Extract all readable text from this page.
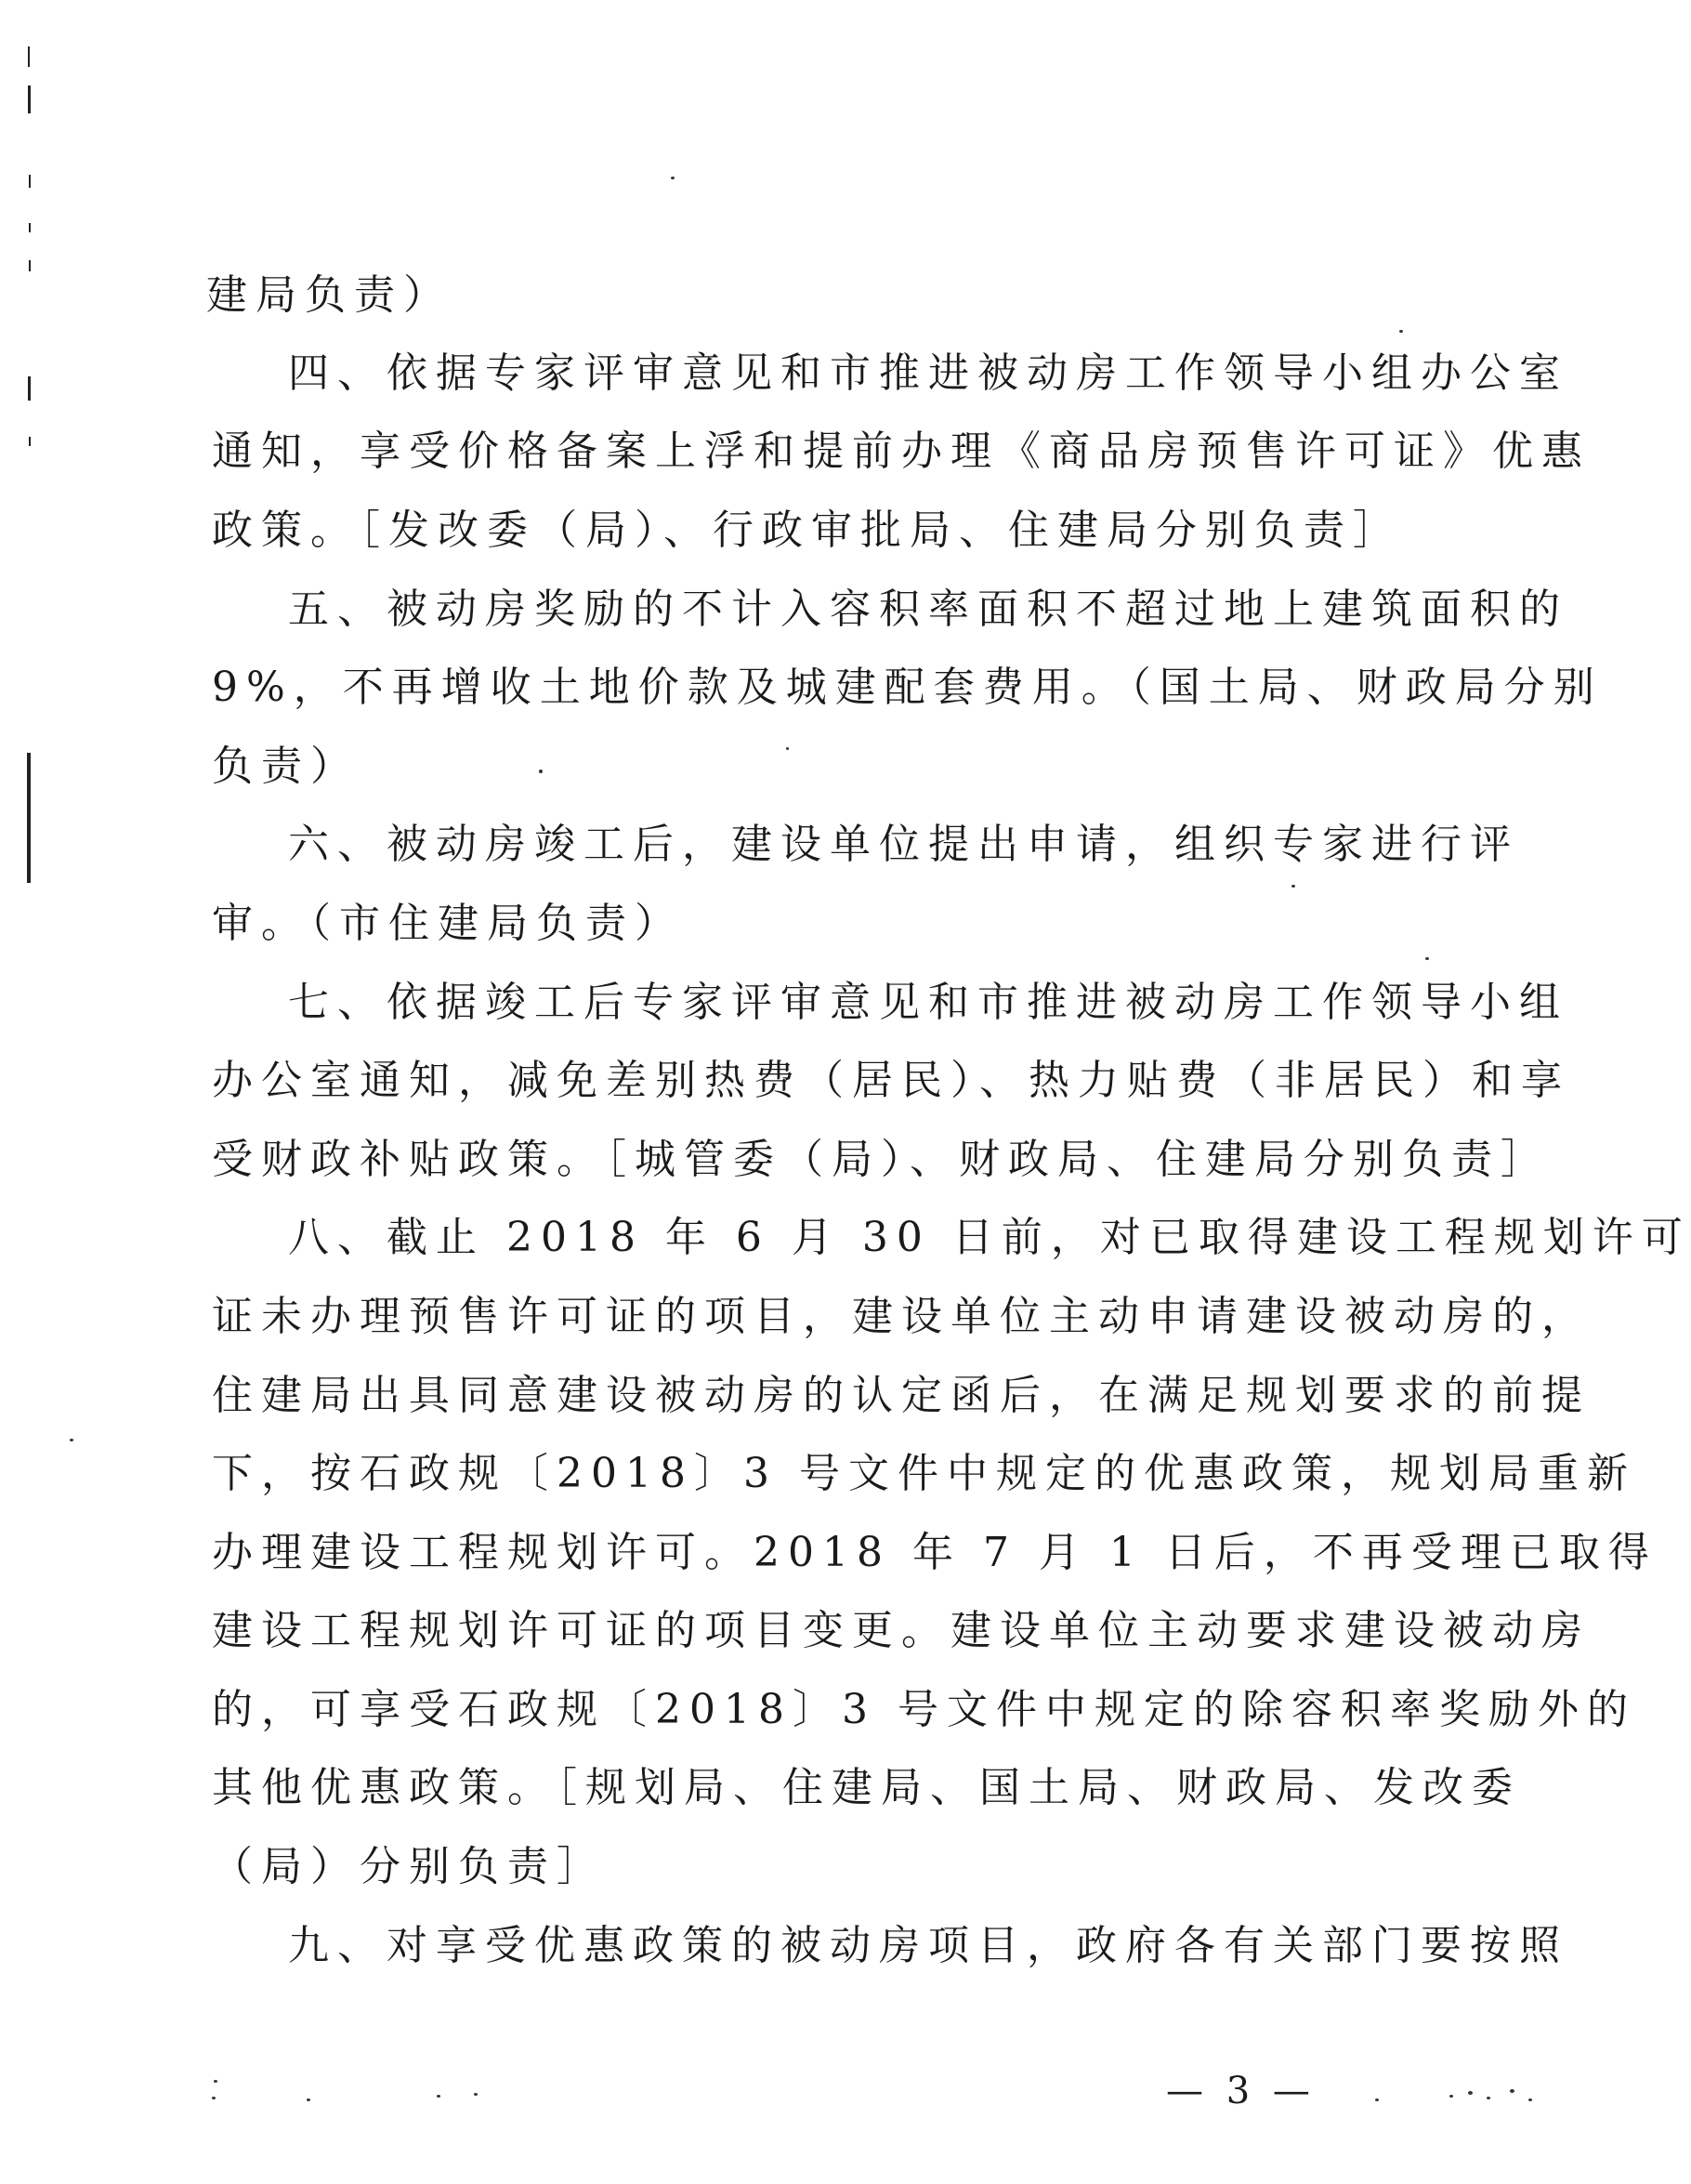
建局负责）
四、依据专家评审意见和市推进被动房工作领导小组办公室
通知，享受价格备案上浮和提前办理《商品房预售许可证》优惠
政策。［发改委（局）、行政审批局、住建局分别负责］
五、被动房奖励的不计入容积率面积不超过地上建筑面积的
9%，不再增收土地价款及城建配套费用。（国土局、财政局分别
负责）
六、被动房竣工后，建设单位提出申请，组织专家进行评
审。（市住建局负责）
七、依据竣工后专家评审意见和市推进被动房工作领导小组
办公室通知，减免差别热费（居民）、热力贴费（非居民）和享
受财政补贴政策。［城管委（局）、财政局、住建局分别负责］
八、截止 2018 年 6 月 30 日前，对已取得建设工程规划许可
证未办理预售许可证的项目，建设单位主动申请建设被动房的，
住建局出具同意建设被动房的认定函后，在满足规划要求的前提
下，按石政规〔2018〕3 号文件中规定的优惠政策，规划局重新
办理建设工程规划许可。2018 年 7 月 1 日后，不再受理已取得
建设工程规划许可证的项目变更。建设单位主动要求建设被动房
的，可享受石政规〔2018〕3 号文件中规定的除容积率奖励外的
其他优惠政策。［规划局、住建局、国土局、财政局、发改委
（局）分别负责］
九、对享受优惠政策的被动房项目，政府各有关部门要按照
— 3 —
